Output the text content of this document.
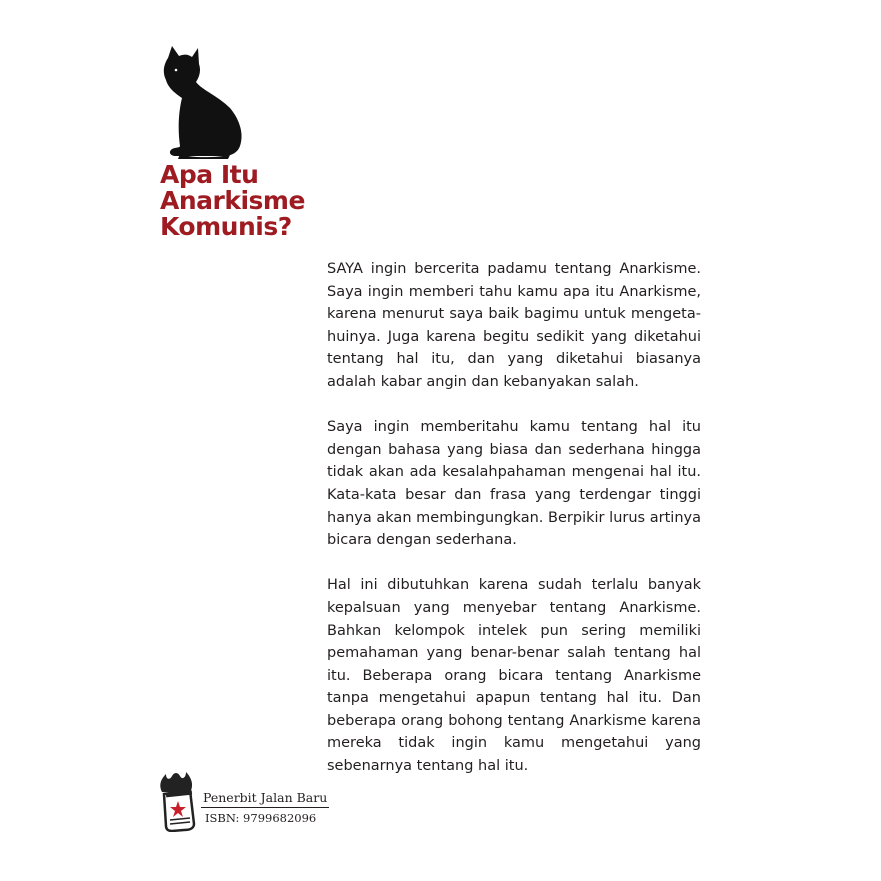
Apa Itu
Anarkisme
Komunis?

SAYA ingin bercerita padamu tentang Anarkisme. Saya ingin memberi tahu kamu apa itu Anarkisme, karena menurut saya baik bagimu untuk mengetahuinya. Juga karena begitu sedikit yang diketahui tentang hal itu, dan yang diketahui biasanya adalah kabar angin dan kebanyakan salah.

Saya ingin memberitahu kamu tentang hal itu dengan bahasa yang biasa dan sederhana hingga tidak akan ada kesalahpahaman mengenai hal itu. Kata-kata besar dan frasa yang terdengar tinggi hanya akan membingungkan. Berpikir lurus artinya bicara dengan sederhana.

Hal ini dibutuhkan karena sudah terlalu banyak kepalsuan yang menyebar tentang Anarkisme. Bahkan kelompok intelek pun sering memiliki pemahaman yang benar-benar salah tentang hal itu. Beberapa orang bicara tentang Anarkisme tanpa mengetahui apapun tentang hal itu. Dan beberapa orang bohong tentang Anarkisme karena mereka tidak ingin kamu mengetahui yang sebenarnya tentang hal itu.

Penerbit Jalan Baru
ISBN: 9799682096
